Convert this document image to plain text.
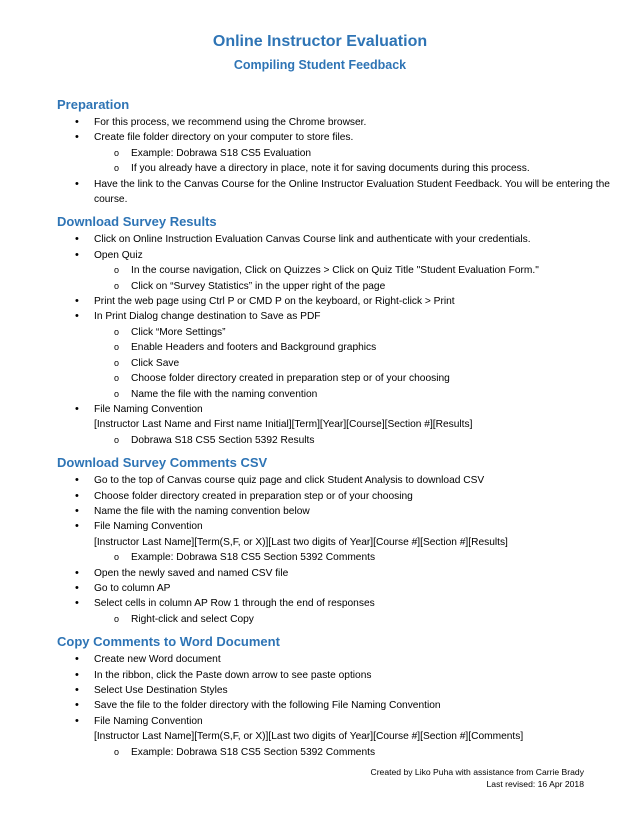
Online Instructor Evaluation
Compiling Student Feedback
Preparation
• For this process, we recommend using the Chrome browser.
• Create file folder directory on your computer to store files.
o Example: Dobrawa S18 CS5 Evaluation
o If you already have a directory in place, note it for saving documents during this process.
• Have the link to the Canvas Course for the Online Instructor Evaluation Student Feedback. You will be entering the course.
Download Survey Results
• Click on Online Instruction Evaluation Canvas Course link and authenticate with your credentials.
• Open Quiz
o In the course navigation, Click on Quizzes > Click on Quiz Title "Student Evaluation Form."
o Click on “Survey Statistics” in the upper right of the page
• Print the web page using Ctrl P or CMD P on the keyboard, or Right-click > Print
• In Print Dialog change destination to Save as PDF
o Click “More Settings”
o Enable Headers and footers and Background graphics
o Click Save
o Choose folder directory created in preparation step or of your choosing
o Name the file with the naming convention
• File Naming Convention
[Instructor Last Name and First name Initial][Term][Year][Course][Section #][Results]
o Dobrawa S18 CS5 Section 5392 Results
Download Survey Comments CSV
• Go to the top of Canvas course quiz page and click Student Analysis to download CSV
• Choose folder directory created in preparation step or of your choosing
• Name the file with the naming convention below
• File Naming Convention
[Instructor Last Name][Term(S,F, or X)][Last two digits of Year][Course #][Section #][Results]
o Example: Dobrawa S18 CS5 Section 5392 Comments
• Open the newly saved and named CSV file
• Go to column AP
• Select cells in column AP Row 1 through the end of responses
o Right-click and select Copy
Copy Comments to Word Document
• Create new Word document
• In the ribbon, click the Paste down arrow to see paste options
• Select Use Destination Styles
• Save the file to the folder directory with the following File Naming Convention
• File Naming Convention
[Instructor Last Name][Term(S,F, or X)][Last two digits of Year][Course #][Section #][Comments]
o Example: Dobrawa S18 CS5 Section 5392 Comments
Created by Liko Puha with assistance from Carrie Brady
Last revised: 16 Apr 2018
